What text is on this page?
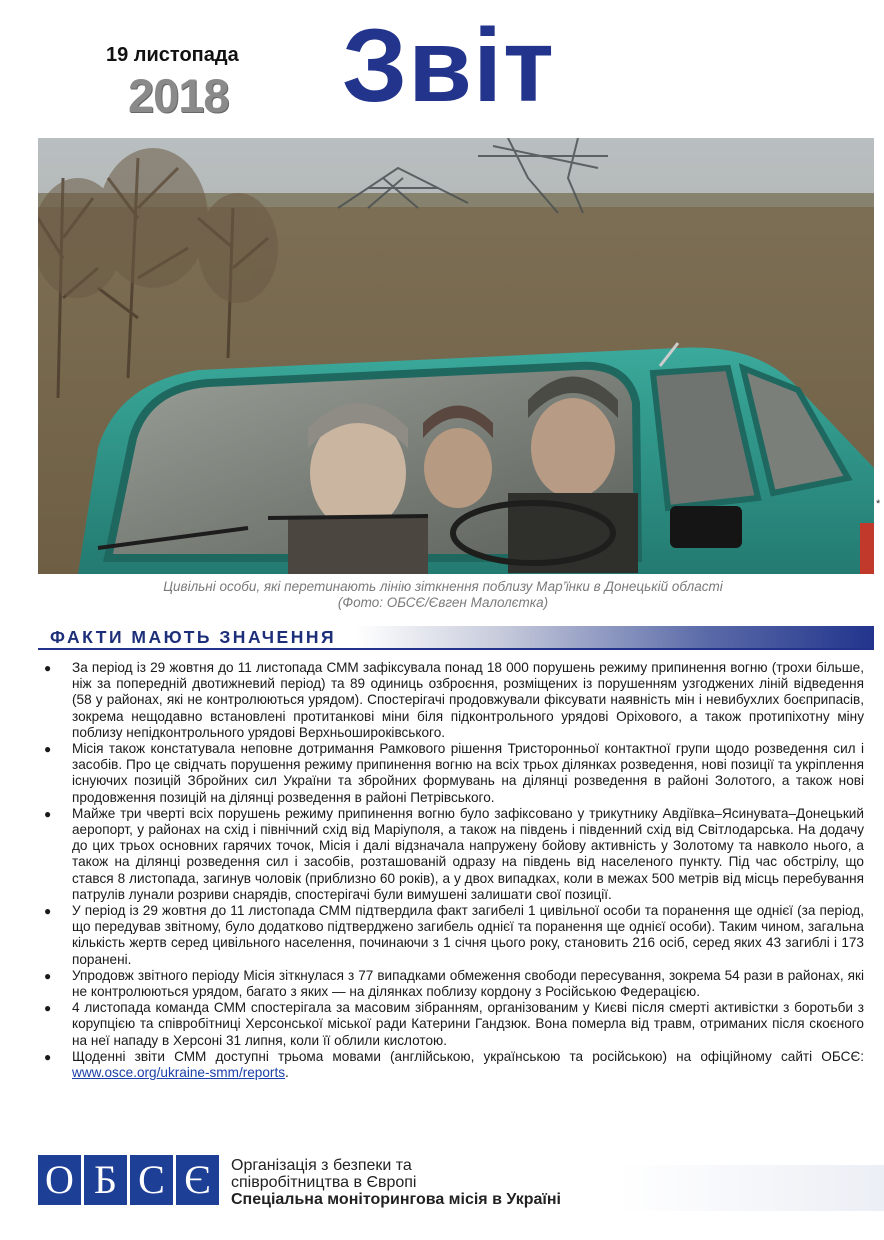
19 листопада
2018 Звіт
*
Цивільні особи, які перетинають лінію зіткнення поблизу Мар’їнки в Донецькій області
(Фото: ОБСЄ/Євген Малолєтка)
ФАКТИ МАЮТЬ ЗНАЧЕННЯ
● За період із 29 жовтня до 11 листопада СММ зафіксувала понад 18 000 порушень режиму припинення вогню (трохи більше, ніж за попередній двотижневий період) та 89 одиниць озброєння, розміщених із порушенням узгоджених ліній відведення (58 у районах, які не контролюються урядом). Спостерігачі продовжували фіксувати наявність мін і невибухлих боєприпасів, зокрема нещодавно встановлені протитанкові міни біля підконтрольного урядові Оріхового, а також протипіхотну міну поблизу непідконтрольного урядові Верхньошироківського.
● Місія також констатувала неповне дотримання Рамкового рішення Тристоронньої контактної групи щодо розведення сил і засобів. Про це свідчать порушення режиму припинення вогню на всіх трьох ділянках розведення, нові позиції та укріплення існуючих позицій Збройних сил України та збройних формувань на ділянці розведення в районі Золотого, а також нові продовження позицій на ділянці розведення в районі Петрівського.
● Майже три чверті всіх порушень режиму припинення вогню було зафіксовано у трикутнику Авдіївка–Ясинувата–Донецький аеропорт, у районах на схід і північний схід від Маріуполя, а також на південь і південний схід від Світлодарська. На додачу до цих трьох основних гарячих точок, Місія і далі відзначала напружену бойову активність у Золотому та навколо нього, а також на ділянці розведення сил і засобів, розташованій одразу на південь від населеного пункту. Під час обстрілу, що стався 8 листопада, загинув чоловік (приблизно 60 років), а у двох випадках, коли в межах 500 метрів від місць перебування патрулів лунали розриви снарядів, спостерігачі були вимушені залишати свої позиції.
● У період із 29 жовтня до 11 листопада СММ підтвердила факт загибелі 1 цивільної особи та поранення ще однієї (за період, що передував звітному, було додатково підтверджено загибель однієї та поранення ще однієї особи). Таким чином, загальна кількість жертв серед цивільного населення, починаючи з 1 січня цього року, становить 216 осіб, серед яких 43 загиблі і 173 поранені.
● Упродовж звітного періоду Місія зіткнулася з 77 випадками обмеження свободи пересування, зокрема 54 рази в районах, які не контролюються урядом, багато з яких — на ділянках поблизу кордону з Російською Федерацією.
● 4 листопада команда СММ спостерігала за масовим зібранням, організованим у Києві після смерті активістки з боротьби з корупцією та співробітниці Херсонської міської ради Катерини Гандзюк. Вона померла від травм, отриманих після скоєного на неї нападу в Херсоні 31 липня, коли її облили кислотою.
● Щоденні звіти СММ доступні трьома мовами (англійською, українською та російською) на офіційному сайті ОБСЄ: www.osce.org/ukraine-smm/reports.
О Б С Є	Організація з безпеки та
співробітництва в Європі
Спеціальна моніторингова місія в Україні
